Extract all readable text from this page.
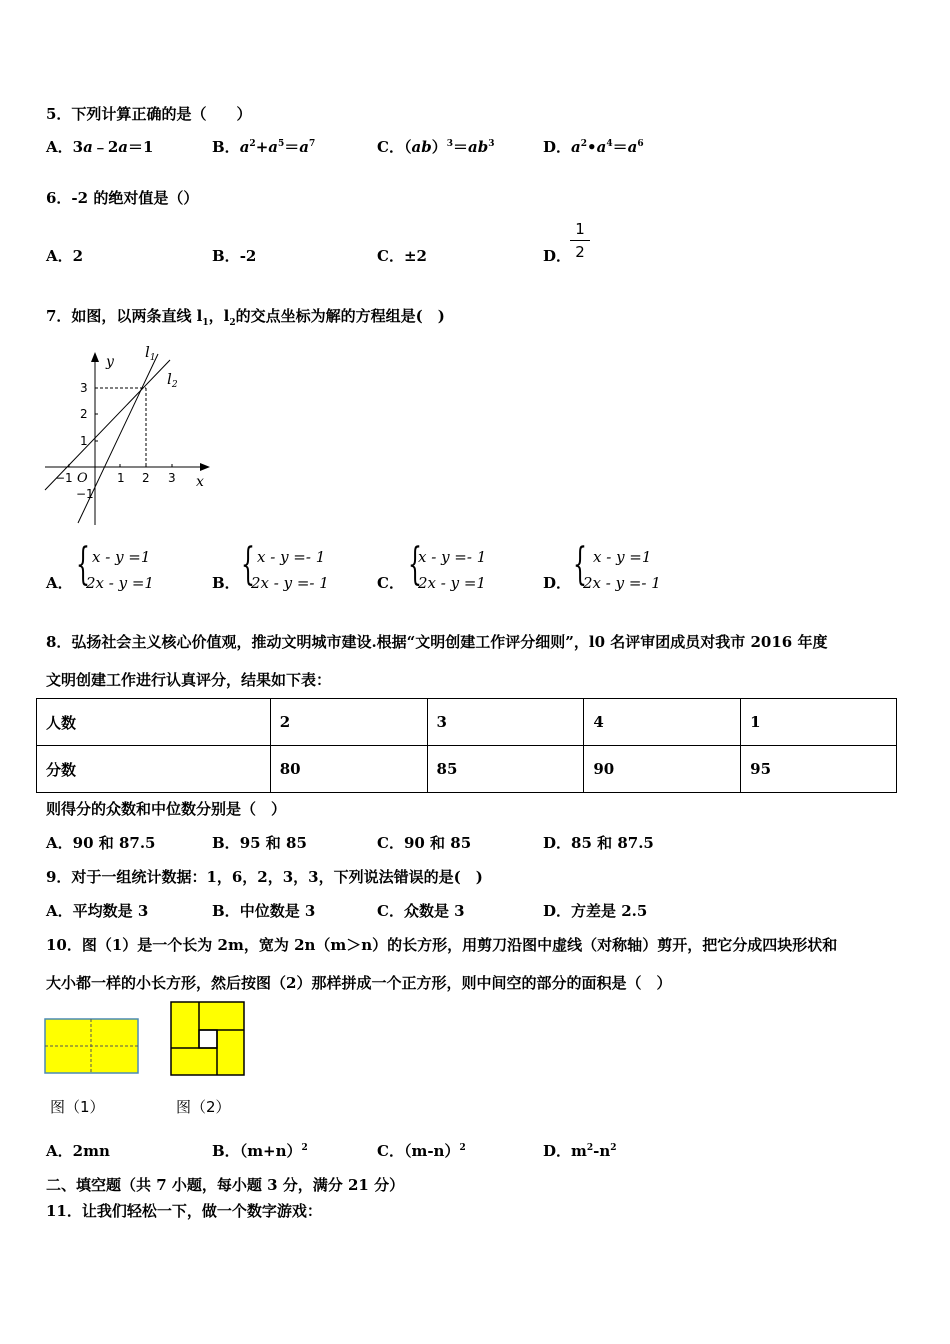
5．下列计算正确的是（　　）
A．3a﹣2a＝1	B．$a^2+a^5=a^7$	C．$(ab)^3=ab^3$	D．$a^2•a^4=a^6$
6．-2 的绝对值是（）
A．2	B．-2	C．±2	D．
1
2
7．如图，以两条直线 $l_1$，$l_2$的交点坐标为解的方程组是(　)
y
x
O
$l_1$
$l_2$
−1	1 2 3
3
2
1
−1
A． { x - y =1
2x - y =1	B． { x - y =- 1
2x - y =- 1	C． {
x - y =- 1
2x - y =1	D． { x - y =1
2x - y =- 1
8．弘扬社会主义核心价值观，推动文明城市建设.根据“文明创建工作评分细则”，l0 名评审团成员对我市 2016 年度
文明创建工作进行认真评分，结果如下表：
人数	2	3	4	1
分数	80	85	90	95
则得分的众数和中位数分别是（　）
A．90 和 87.5	B．95 和 85	C．90 和 85	D．85 和 87.5
9．对于一组统计数据：1，6，2，3，3，下列说法错误的是(　)
A．平均数是 3	B．中位数是 3	C．众数是 3	D．方差是 2.5
10．图（1）是一个长为 2m，宽为 2n（m＞n）的长方形，用剪刀沿图中虚线（对称轴）剪开，把它分成四块形状和
大小都一样的小长方形，然后按图（2）那样拼成一个正方形，则中间空的部分的面积是（　）
图（1）	图（2）
A．2mn	B．$(m+n)^2$	C．$(m-n)^2$	D．$m^2-n^2$
二、填空题（共 7 小题，每小题 3 分，满分 21 分）
11．让我们轻松一下，做一个数字游戏：
